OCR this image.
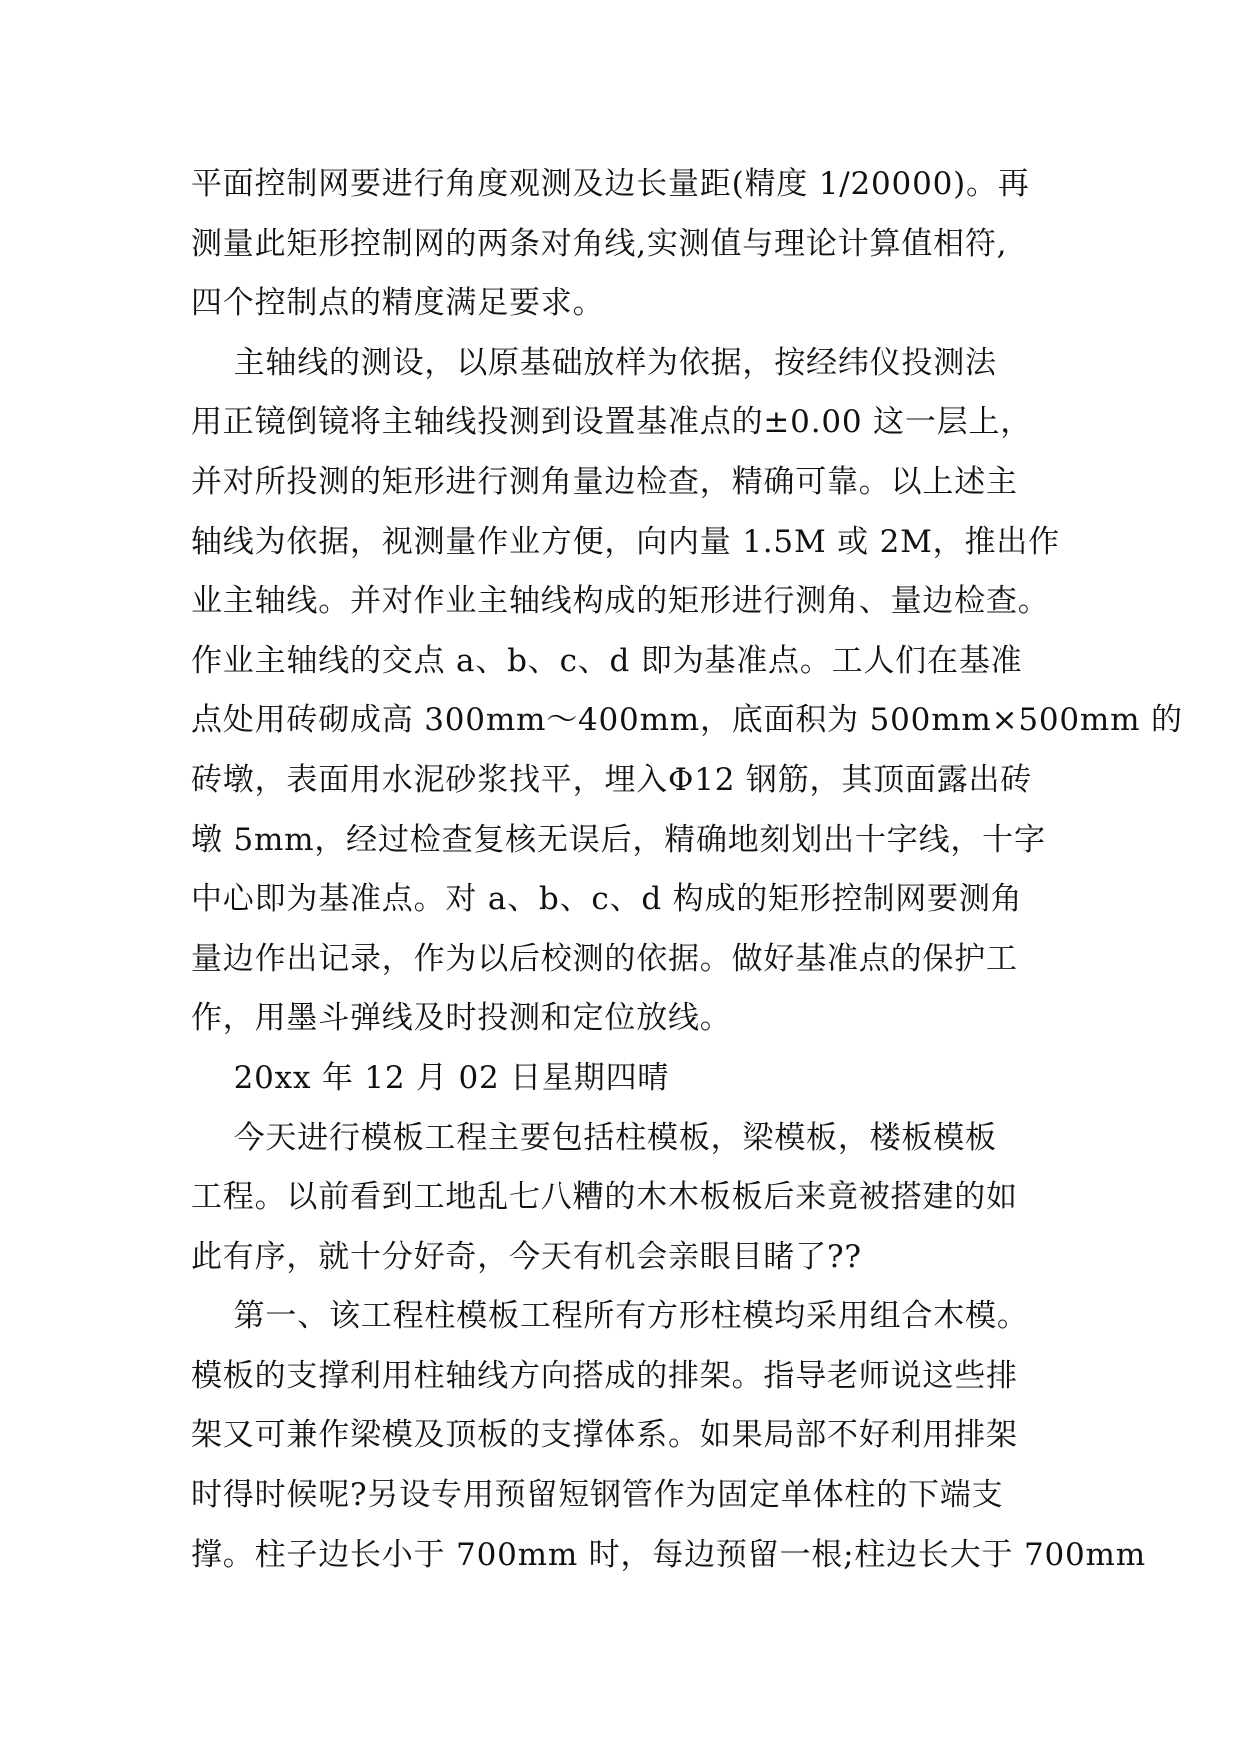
平面控制网要进行角度观测及边长量距(精度 1/20000)。再
测量此矩形控制网的两条对角线,实测值与理论计算值相符,
四个控制点的精度满足要求。
主轴线的测设，以原基础放样为依据，按经纬仪投测法
用正镜倒镜将主轴线投测到设置基准点的±0.00 这一层上，
并对所投测的矩形进行测角量边检查，精确可靠。以上述主
轴线为依据，视测量作业方便，向内量 1.5M 或 2M，推出作
业主轴线。并对作业主轴线构成的矩形进行测角、量边检查。
作业主轴线的交点 a、b、c、d 即为基准点。工人们在基准
点处用砖砌成高 300mm～400mm，底面积为 500mm×500mm 的
砖墩，表面用水泥砂浆找平，埋入Φ12 钢筋，其顶面露出砖
墩 5mm，经过检查复核无误后，精确地刻划出十字线，十字
中心即为基准点。对 a、b、c、d 构成的矩形控制网要测角
量边作出记录，作为以后校测的依据。做好基准点的保护工
作，用墨斗弹线及时投测和定位放线。
20xx 年 12 月 02 日星期四晴
今天进行模板工程主要包括柱模板，梁模板，楼板模板
工程。以前看到工地乱七八糟的木木板板后来竟被搭建的如
此有序，就十分好奇，今天有机会亲眼目睹了??
第一、该工程柱模板工程所有方形柱模均采用组合木模。
模板的支撑利用柱轴线方向搭成的排架。指导老师说这些排
架又可兼作梁模及顶板的支撑体系。如果局部不好利用排架
时得时候呢?另设专用预留短钢管作为固定单体柱的下端支
撑。柱子边长小于 700mm 时，每边预留一根;柱边长大于 700mm
